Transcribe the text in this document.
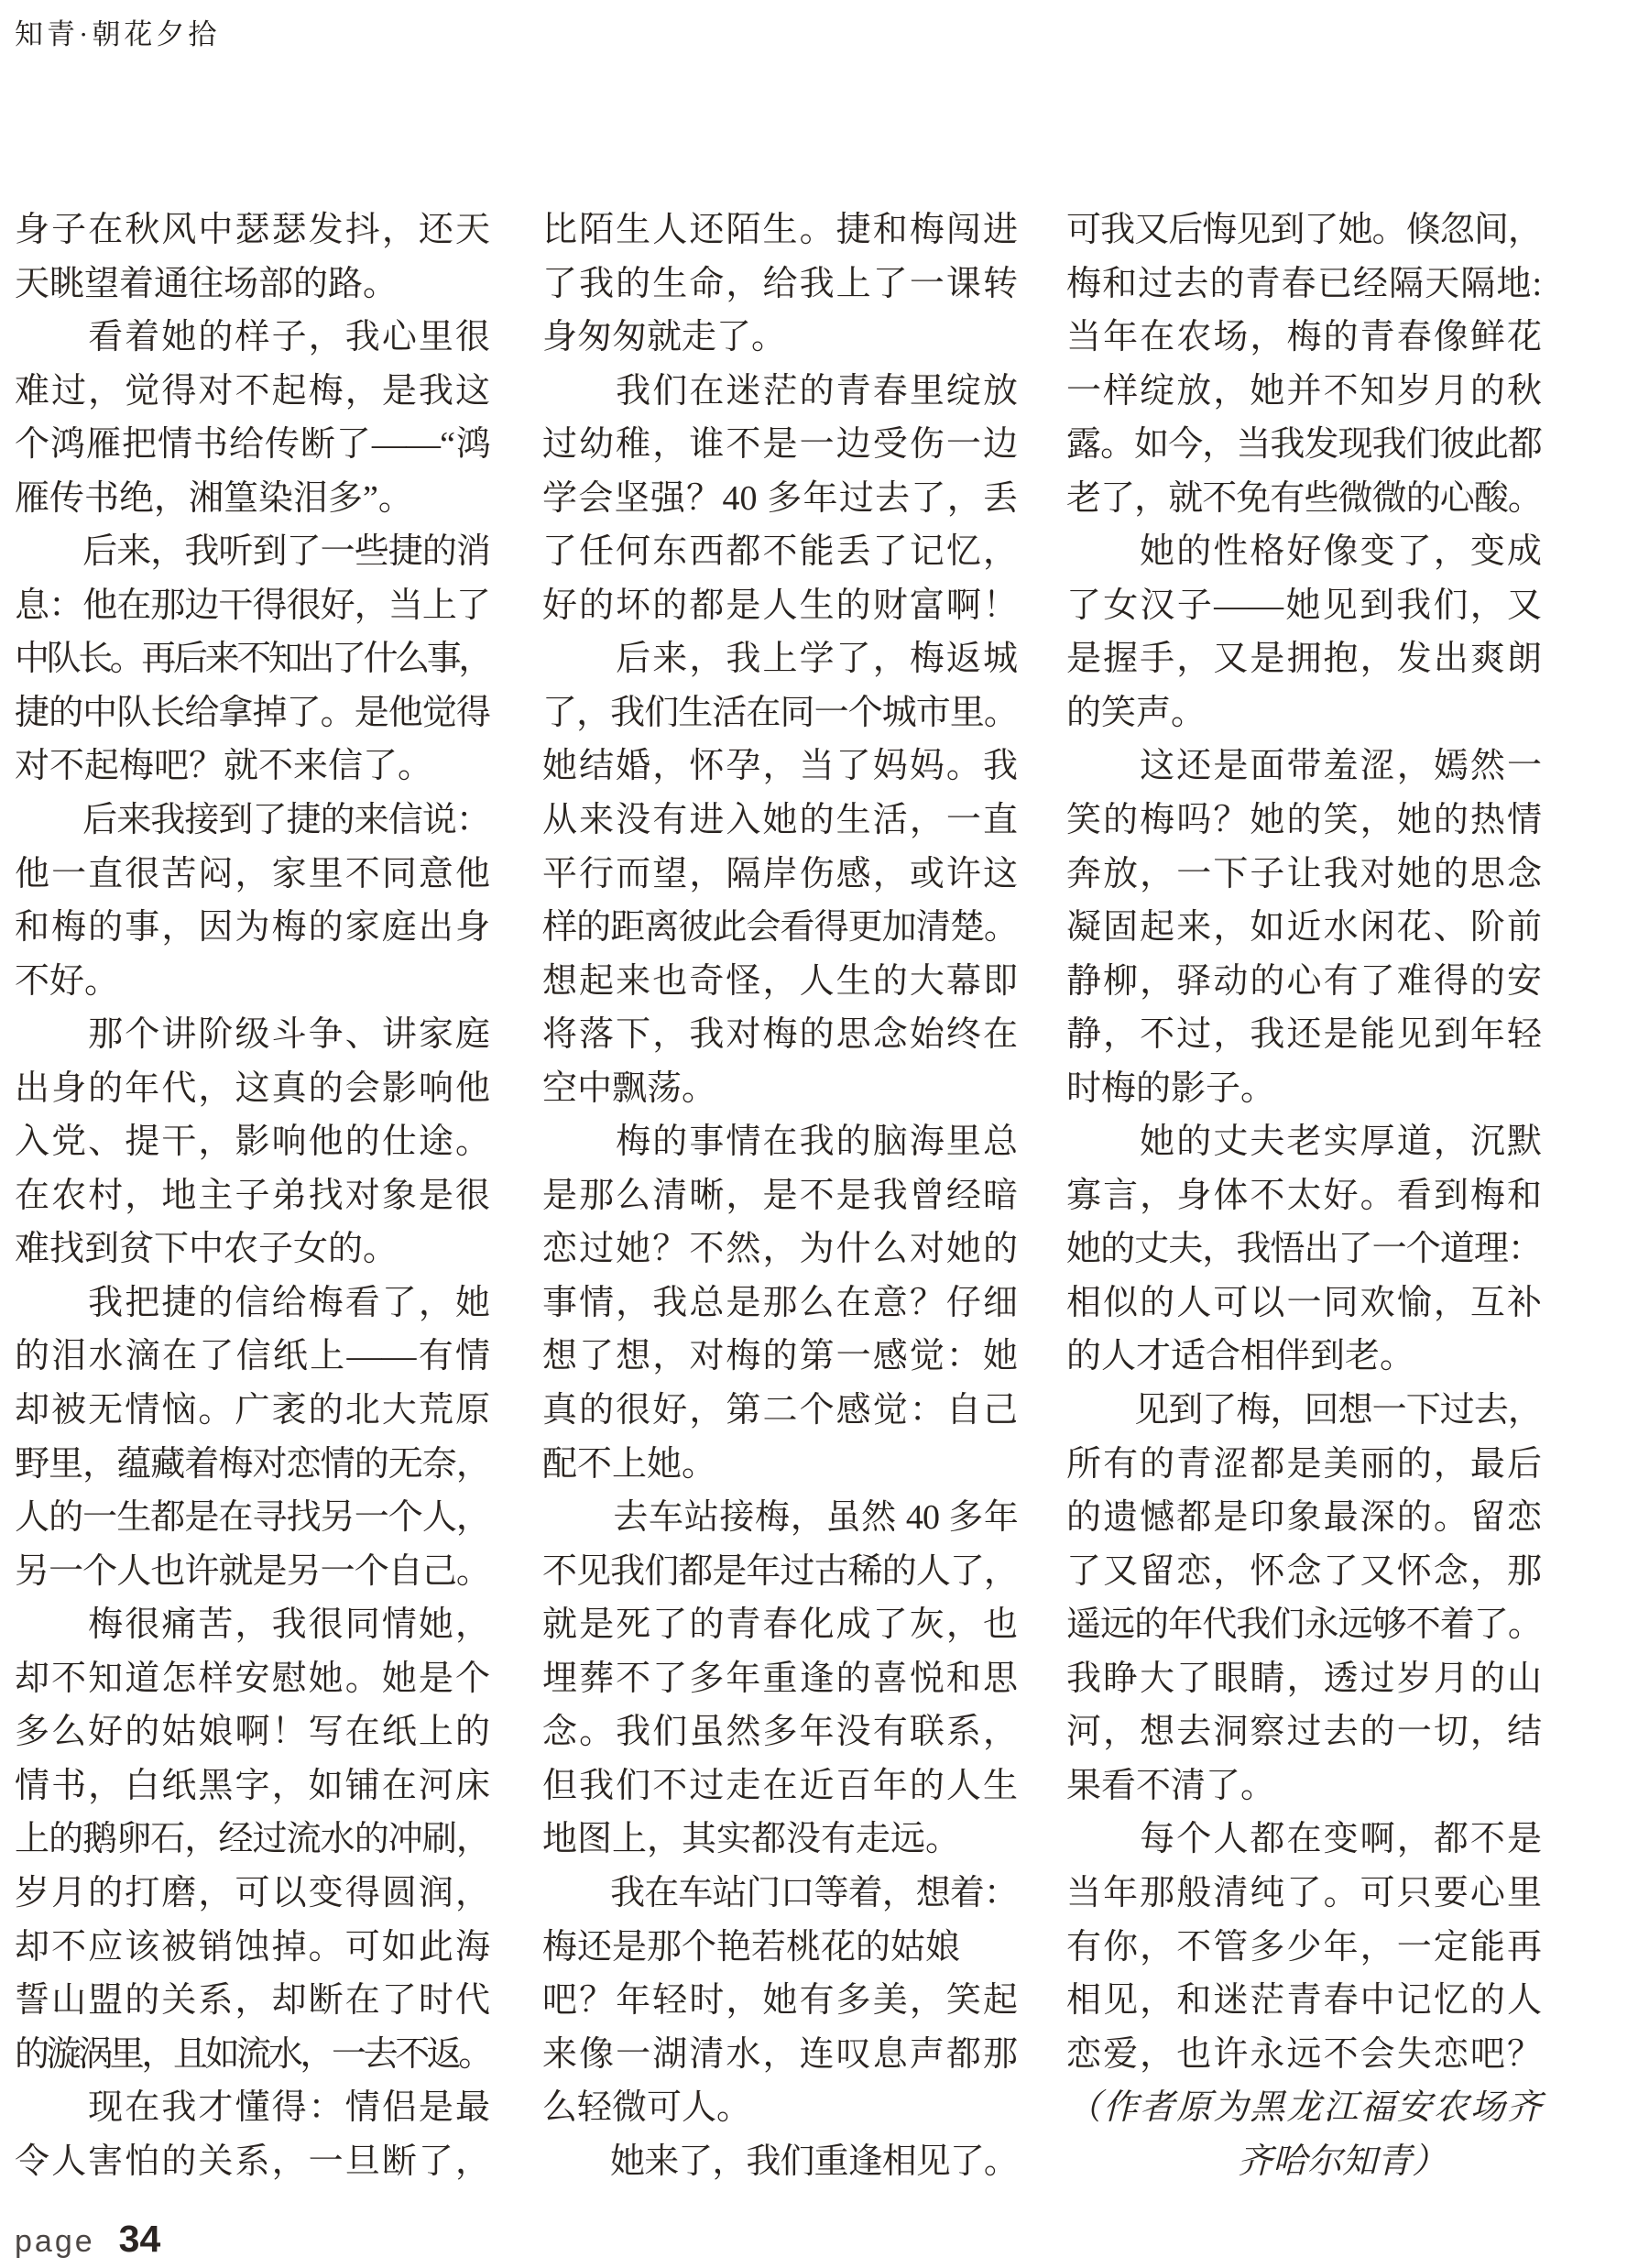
知青·朝花夕拾
身子在秋风中瑟瑟发抖，还天
天眺望着通往场部的路。
　　看着她的样子，我心里很
难过，觉得对不起梅，是我这
个鸿雁把情书给传断了——“鸿
雁传书绝，湘篁染泪多”。
　　后来，我听到了一些捷的消
息：他在那边干得很好，当上了
中队长。再后来不知出了什么事，
捷的中队长给拿掉了。是他觉得
对不起梅吧？就不来信了。
　　后来我接到了捷的来信说：
他一直很苦闷，家里不同意他
和梅的事，因为梅的家庭出身
不好。
　　那个讲阶级斗争、讲家庭
出身的年代，这真的会影响他
入党、提干，影响他的仕途。
在农村，地主子弟找对象是很
难找到贫下中农子女的。
　　我把捷的信给梅看了，她
的泪水滴在了信纸上——有情
却被无情恼。广袤的北大荒原
野里，蕴藏着梅对恋情的无奈，
人的一生都是在寻找另一个人，
另一个人也许就是另一个自己。
　　梅很痛苦，我很同情她，
却不知道怎样安慰她。她是个
多么好的姑娘啊！写在纸上的
情书，白纸黑字，如铺在河床
上的鹅卵石，经过流水的冲刷，
岁月的打磨，可以变得圆润，
却不应该被销蚀掉。可如此海
誓山盟的关系，却断在了时代
的漩涡里，且如流水，一去不返。
　　现在我才懂得：情侣是最
令人害怕的关系，一旦断了，
比陌生人还陌生。捷和梅闯进
了我的生命，给我上了一课转
身匆匆就走了。
　　我们在迷茫的青春里绽放
过幼稚，谁不是一边受伤一边
学会坚强？40 多年过去了，丢
了任何东西都不能丢了记忆，
好的坏的都是人生的财富啊！
　　后来，我上学了，梅返城
了，我们生活在同一个城市里。
她结婚，怀孕，当了妈妈。我
从来没有进入她的生活，一直
平行而望，隔岸伤感，或许这
样的距离彼此会看得更加清楚。
想起来也奇怪，人生的大幕即
将落下，我对梅的思念始终在
空中飘荡。
　　梅的事情在我的脑海里总
是那么清晰，是不是我曾经暗
恋过她？不然，为什么对她的
事情，我总是那么在意？仔细
想了想，对梅的第一感觉：她
真的很好，第二个感觉：自己
配不上她。
　　去车站接梅，虽然 40 多年
不见我们都是年过古稀的人了，
就是死了的青春化成了灰，也
埋葬不了多年重逢的喜悦和思
念。我们虽然多年没有联系，
但我们不过走在近百年的人生
地图上，其实都没有走远。
　　我在车站门口等着，想着：
梅还是那个艳若桃花的姑娘
吧？年轻时，她有多美，笑起
来像一湖清水，连叹息声都那
么轻微可人。
　　她来了，我们重逢相见了。
可我又后悔见到了她。倏忽间，
梅和过去的青春已经隔天隔地:
当年在农场，梅的青春像鲜花
一样绽放，她并不知岁月的秋
露。如今，当我发现我们彼此都
老了，就不免有些微微的心酸。
　　她的性格好像变了，变成
了女汉子——她见到我们，又
是握手，又是拥抱，发出爽朗
的笑声。
　　这还是面带羞涩，嫣然一
笑的梅吗？她的笑，她的热情
奔放，一下子让我对她的思念
凝固起来，如近水闲花、阶前
静柳，驿动的心有了难得的安
静，不过，我还是能见到年轻
时梅的影子。
　　她的丈夫老实厚道，沉默
寡言，身体不太好。看到梅和
她的丈夫，我悟出了一个道理：
相似的人可以一同欢愉，互补
的人才适合相伴到老。
　　见到了梅，回想一下过去，
所有的青涩都是美丽的，最后
的遗憾都是印象最深的。留恋
了又留恋，怀念了又怀念，那
遥远的年代我们永远够不着了。
我睁大了眼睛，透过岁月的山
河，想去洞察过去的一切，结
果看不清了。
　　每个人都在变啊，都不是
当年那般清纯了。可只要心里
有你，不管多少年，一定能再
相见，和迷茫青春中记忆的人
恋爱，也许永远不会失恋吧？
（作者原为黑龙江福安农场齐
齐哈尔知青）
page 34
